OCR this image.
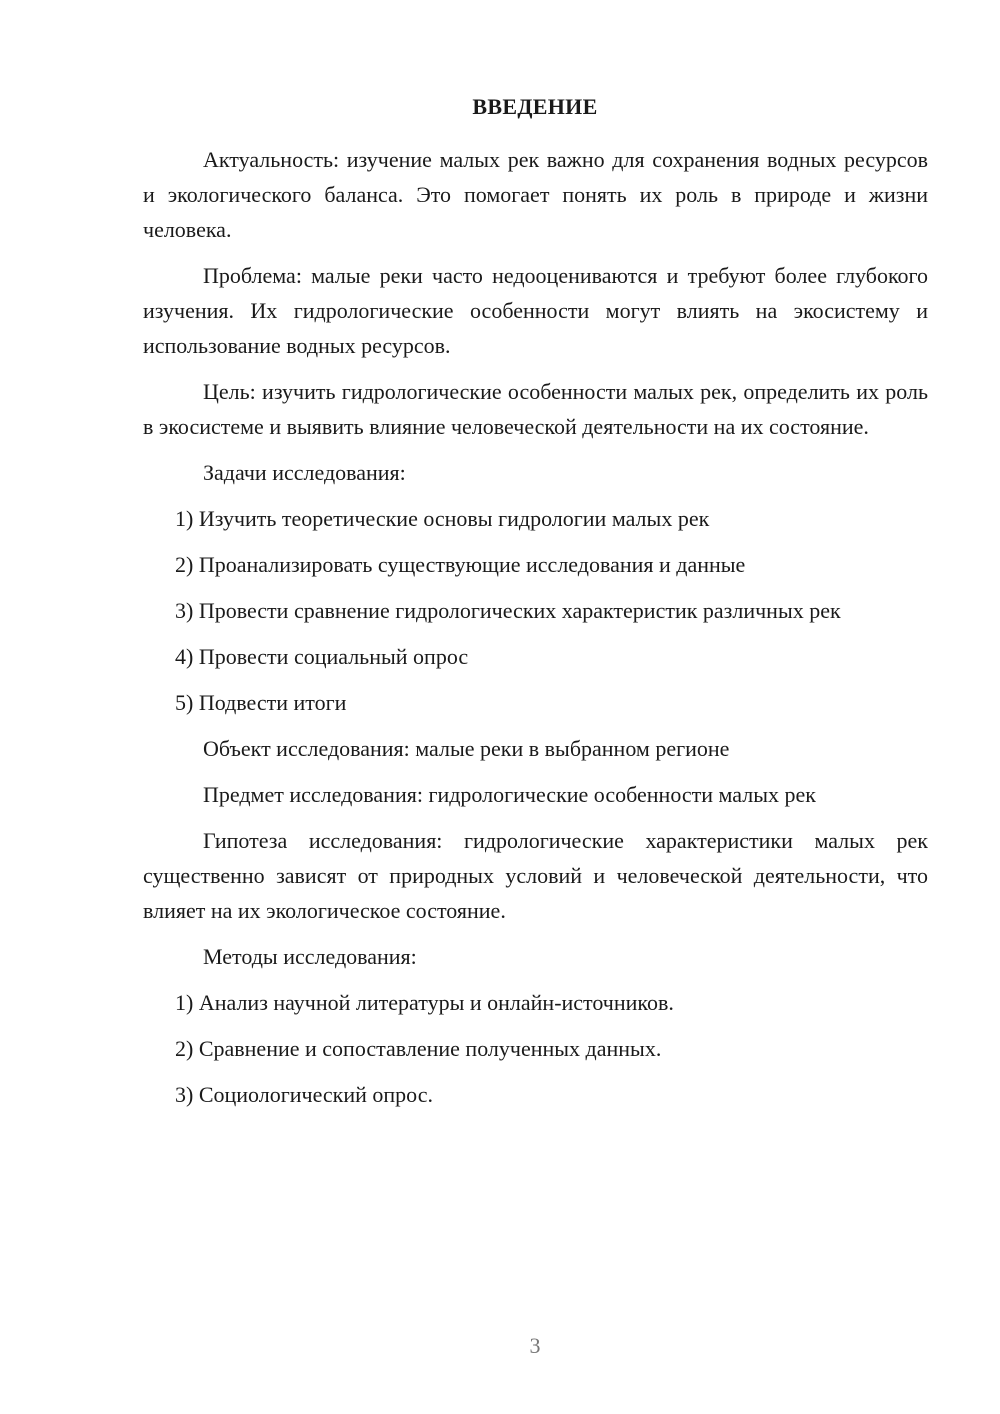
ВВЕДЕНИЕ

Актуальность: изучение малых рек важно для сохранения водных ресурсов и экологического баланса. Это помогает понять их роль в природе и жизни человека.

Проблема: малые реки часто недооцениваются и требуют более глубокого изучения. Их гидрологические особенности могут влиять на экосистему и использование водных ресурсов.

Цель: изучить гидрологические особенности малых рек, определить их роль в экосистеме и выявить влияние человеческой деятельности на их состояние.

Задачи исследования:

1) Изучить теоретические основы гидрологии малых рек
2) Проанализировать существующие исследования и данные
3) Провести сравнение гидрологических характеристик различных рек
4) Провести социальный опрос
5) Подвести итоги

Объект исследования: малые реки в выбранном регионе

Предмет исследования: гидрологические особенности малых рек

Гипотеза исследования: гидрологические характеристики малых рек существенно зависят от природных условий и человеческой деятельности, что влияет на их экологическое состояние.

Методы исследования:

1) Анализ научной литературы и онлайн-источников.
2) Сравнение и сопоставление полученных данных.
3) Социологический опрос.
3
